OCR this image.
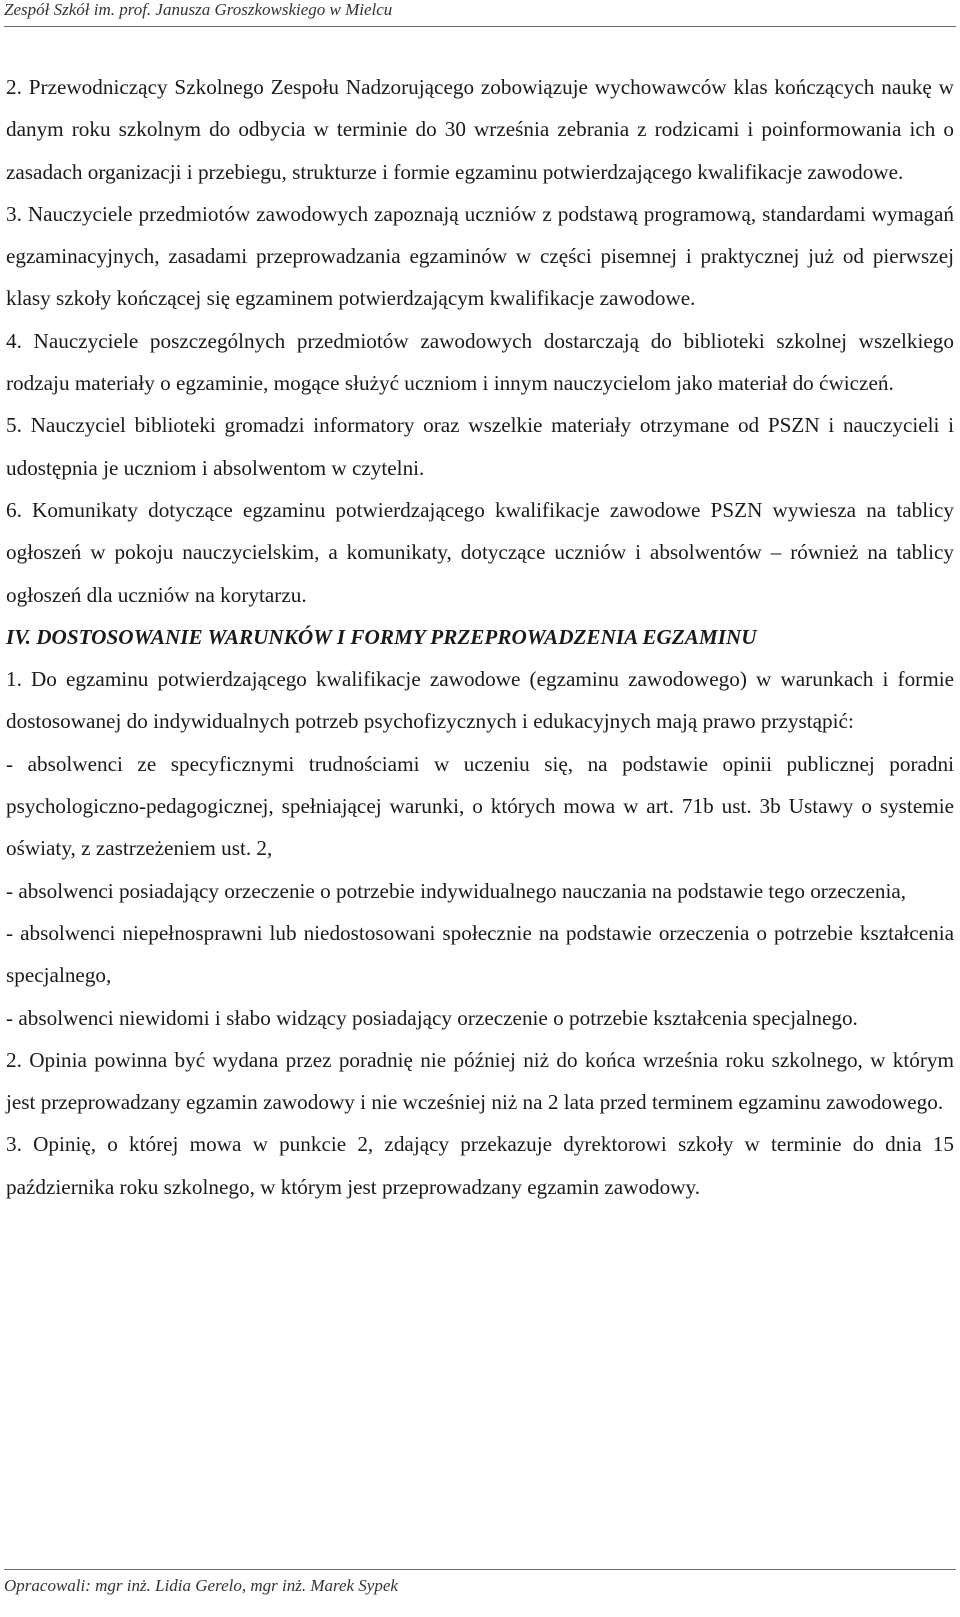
Zespół Szkół im. prof. Janusza Groszkowskiego w Mielcu

2. Przewodniczący Szkolnego Zespołu Nadzorującego zobowiązuje wychowawców klas kończących naukę w danym roku szkolnym do odbycia w terminie do 30 września zebrania z rodzicami i poinformowania ich o zasadach organizacji i przebiegu, strukturze i formie egzaminu potwierdzającego kwalifikacje zawodowe.

3. Nauczyciele przedmiotów zawodowych zapoznają uczniów z podstawą programową, standardami wymagań egzaminacyjnych, zasadami przeprowadzania egzaminów w części pisemnej i praktycznej już od pierwszej klasy szkoły kończącej się egzaminem potwierdzającym kwalifikacje zawodowe.

4. Nauczyciele poszczególnych przedmiotów zawodowych dostarczają do biblioteki szkolnej wszelkiego rodzaju materiały o egzaminie, mogące służyć uczniom i innym nauczycielom jako materiał do ćwiczeń.

5. Nauczyciel biblioteki gromadzi informatory oraz wszelkie materiały otrzymane od PSZN i nauczycieli i udostępnia je uczniom i absolwentom w czytelni.

6. Komunikaty dotyczące egzaminu potwierdzającego kwalifikacje zawodowe PSZN wywiesza na tablicy ogłoszeń w pokoju nauczycielskim, a komunikaty, dotyczące uczniów i absolwentów – również na tablicy ogłoszeń dla uczniów na korytarzu.

IV. DOSTOSOWANIE WARUNKÓW I FORMY PRZEPROWADZENIA EGZAMINU

1. Do egzaminu potwierdzającego kwalifikacje zawodowe (egzaminu zawodowego) w warunkach i formie dostosowanej do indywidualnych potrzeb psychofizycznych i edukacyjnych mają prawo przystąpić:

- absolwenci ze specyficznymi trudnościami w uczeniu się, na podstawie opinii publicznej poradni psychologiczno-pedagogicznej, spełniającej warunki, o których mowa w art. 71b ust. 3b Ustawy o systemie oświaty, z zastrzeżeniem ust. 2,

- absolwenci posiadający orzeczenie o potrzebie indywidualnego nauczania na podstawie tego orzeczenia,

- absolwenci niepełnosprawni lub niedostosowani społecznie na podstawie orzeczenia o potrzebie kształcenia specjalnego,

- absolwenci niewidomi i słabo widzący posiadający orzeczenie o potrzebie kształcenia specjalnego.

2. Opinia powinna być wydana przez poradnię nie później niż do końca września roku szkolnego, w którym jest przeprowadzany egzamin zawodowy i nie wcześniej niż na 2 lata przed terminem egzaminu zawodowego.

3. Opinię, o której mowa w punkcie 2, zdający przekazuje dyrektorowi szkoły w terminie do dnia 15 października roku szkolnego, w którym jest przeprowadzany egzamin zawodowy.

Opracowali: mgr inż. Lidia Gerelo, mgr inż. Marek Sypek
